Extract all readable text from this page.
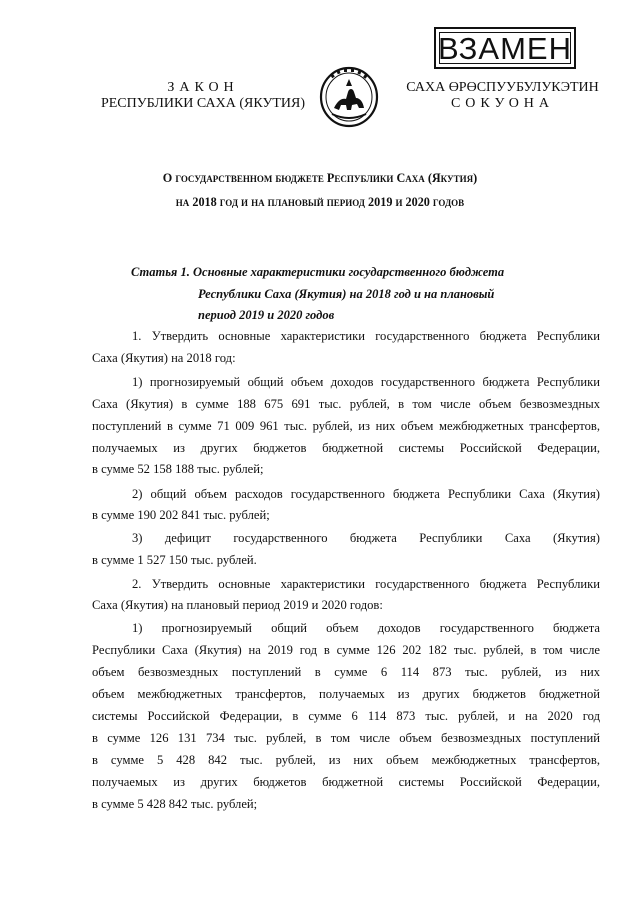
ВЗАМЕН
ЗАКОН
РЕСПУБЛИКИ САХА (ЯКУТИЯ)
САХА ӨРӨСПУУБУЛУКЭТИН
СОКУОНА
О государственном бюджете Республики Саха (Якутия)
на 2018 год и на плановый период 2019 и 2020 годов
Статья 1. Основные характеристики государственного бюджета
Республики Саха (Якутия) на 2018 год и на плановый
период 2019 и 2020 годов
1. Утвердить основные характеристики государственного бюджета Республики
Саха (Якутия) на 2018 год:
1) прогнозируемый общий объем доходов государственного бюджета Республики
Саха (Якутия) в сумме 188 675 691 тыс. рублей, в том числе объем безвозмездных
поступлений в сумме 71 009 961 тыс. рублей, из них объем межбюджетных трансфертов,
получаемых из других бюджетов бюджетной системы Российской Федерации,
в сумме 52 158 188 тыс. рублей;
2) общий объем расходов государственного бюджета Республики Саха (Якутия)
в сумме 190 202 841 тыс. рублей;
3) дефицит государственного бюджета Республики Саха (Якутия)
в сумме 1 527 150 тыс. рублей.
2. Утвердить основные характеристики государственного бюджета Республики
Саха (Якутия) на плановый период 2019 и 2020 годов:
1) прогнозируемый общий объем доходов государственного бюджета
Республики Саха (Якутия) на 2019 год в сумме 126 202 182 тыс. рублей, в том числе
объем безвозмездных поступлений в сумме 6 114 873 тыс. рублей, из них
объем межбюджетных трансфертов, получаемых из других бюджетов бюджетной
системы Российской Федерации, в сумме 6 114 873 тыс. рублей, и на 2020 год
в сумме 126 131 734 тыс. рублей, в том числе объем безвозмездных поступлений
в сумме 5 428 842 тыс. рублей, из них объем межбюджетных трансфертов,
получаемых из других бюджетов бюджетной системы Российской Федерации,
в сумме 5 428 842 тыс. рублей;
